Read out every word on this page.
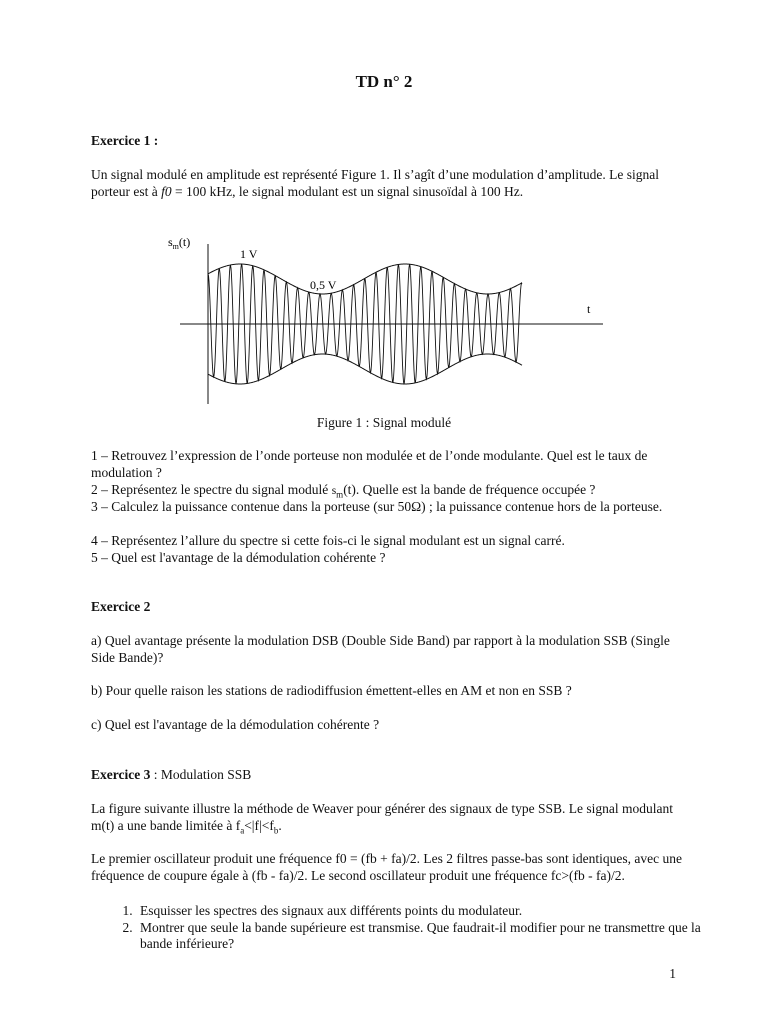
TD n° 2

Exercice 1 :

Un signal modulé en amplitude est représenté Figure 1. Il s’agît d’une modulation d’amplitude. Le signal porteur est à f0 = 100 kHz, le signal modulant est un signal sinusoïdal à 100 Hz.

$s_m(t)$
1 V
0,5 V
t
Figure 1 : Signal modulé

1 – Retrouvez l’expression de l’onde porteuse non modulée et de l’onde modulante. Quel est le taux de modulation ?

2 – Représentez le spectre du signal modulé $s_m(t)$. Quelle est la bande de fréquence occupée ?

3 – Calculez la puissance contenue dans la porteuse (sur 50Ω) ; la puissance contenue hors de la porteuse.

4 – Représentez l’allure du spectre si cette fois-ci le signal modulant est un signal carré.

5 – Quel est l'avantage de la démodulation cohérente ?

Exercice 2

a) Quel avantage présente la modulation DSB (Double Side Band) par rapport à la modulation SSB (Single Side Bande)?

b) Pour quelle raison les stations de radiodiffusion émettent-elles en AM et non en SSB ?

c) Quel est l'avantage de la démodulation cohérente ?

Exercice 3 : Modulation SSB

La figure suivante illustre la méthode de Weaver pour générer des signaux de type SSB. Le signal modulant m(t) a une bande limitée à $f_a<|f|<f_b$.

Le premier oscillateur produit une fréquence f0 = (fb + fa)/2. Les 2 filtres passe-bas sont identiques, avec une fréquence de coupure égale à (fb - fa)/2. Le second oscillateur produit une fréquence fc>(fb - fa)/2.

1. Esquisser les spectres des signaux aux différents points du modulateur.
2. Montrer que seule la bande supérieure est transmise. Que faudrait-il modifier pour ne transmettre que la bande inférieure?
1
